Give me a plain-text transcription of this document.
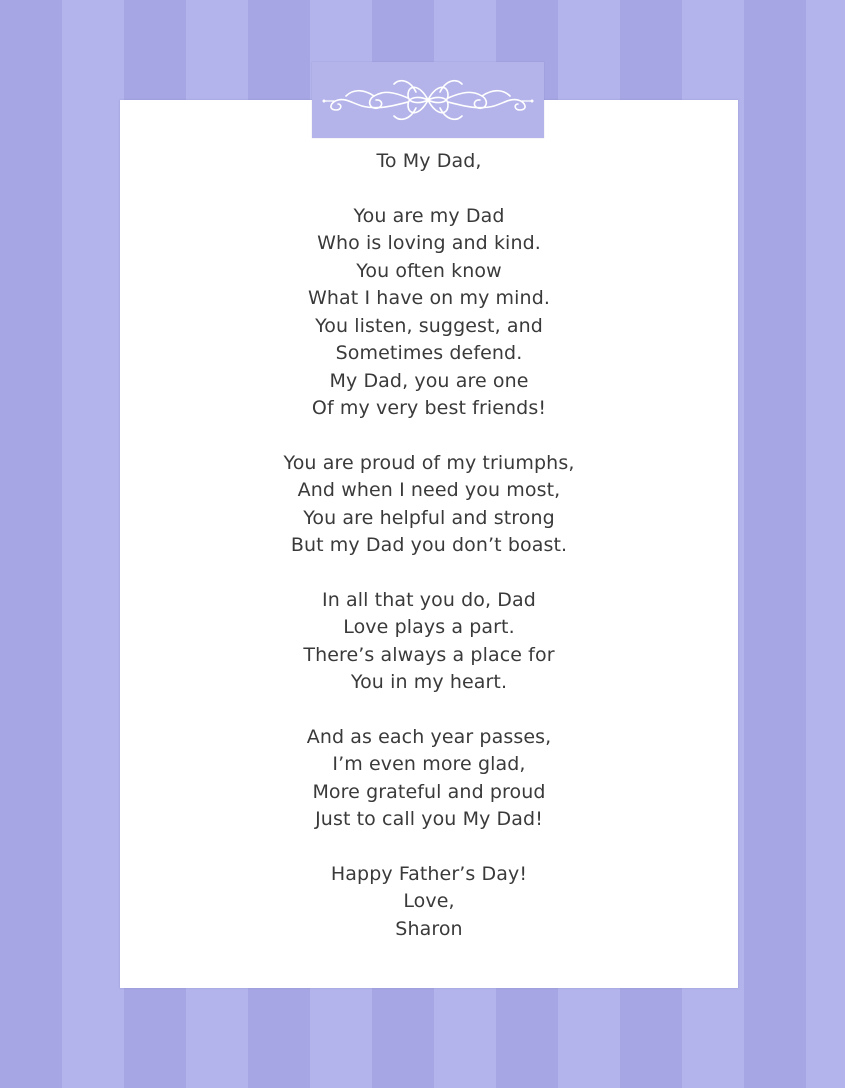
To My Dad,
You are my Dad
Who is loving and kind.
You often know
What I have on my mind.
You listen, suggest, and
Sometimes defend.
My Dad, you are one
Of my very best friends!
You are proud of my triumphs,
And when I need you most,
You are helpful and strong
But my Dad you don’t boast.
In all that you do, Dad
Love plays a part.
There’s always a place for
You in my heart.
And as each year passes,
I’m even more glad,
More grateful and proud
Just to call you My Dad!
Happy Father’s Day!
Love,
Sharon
